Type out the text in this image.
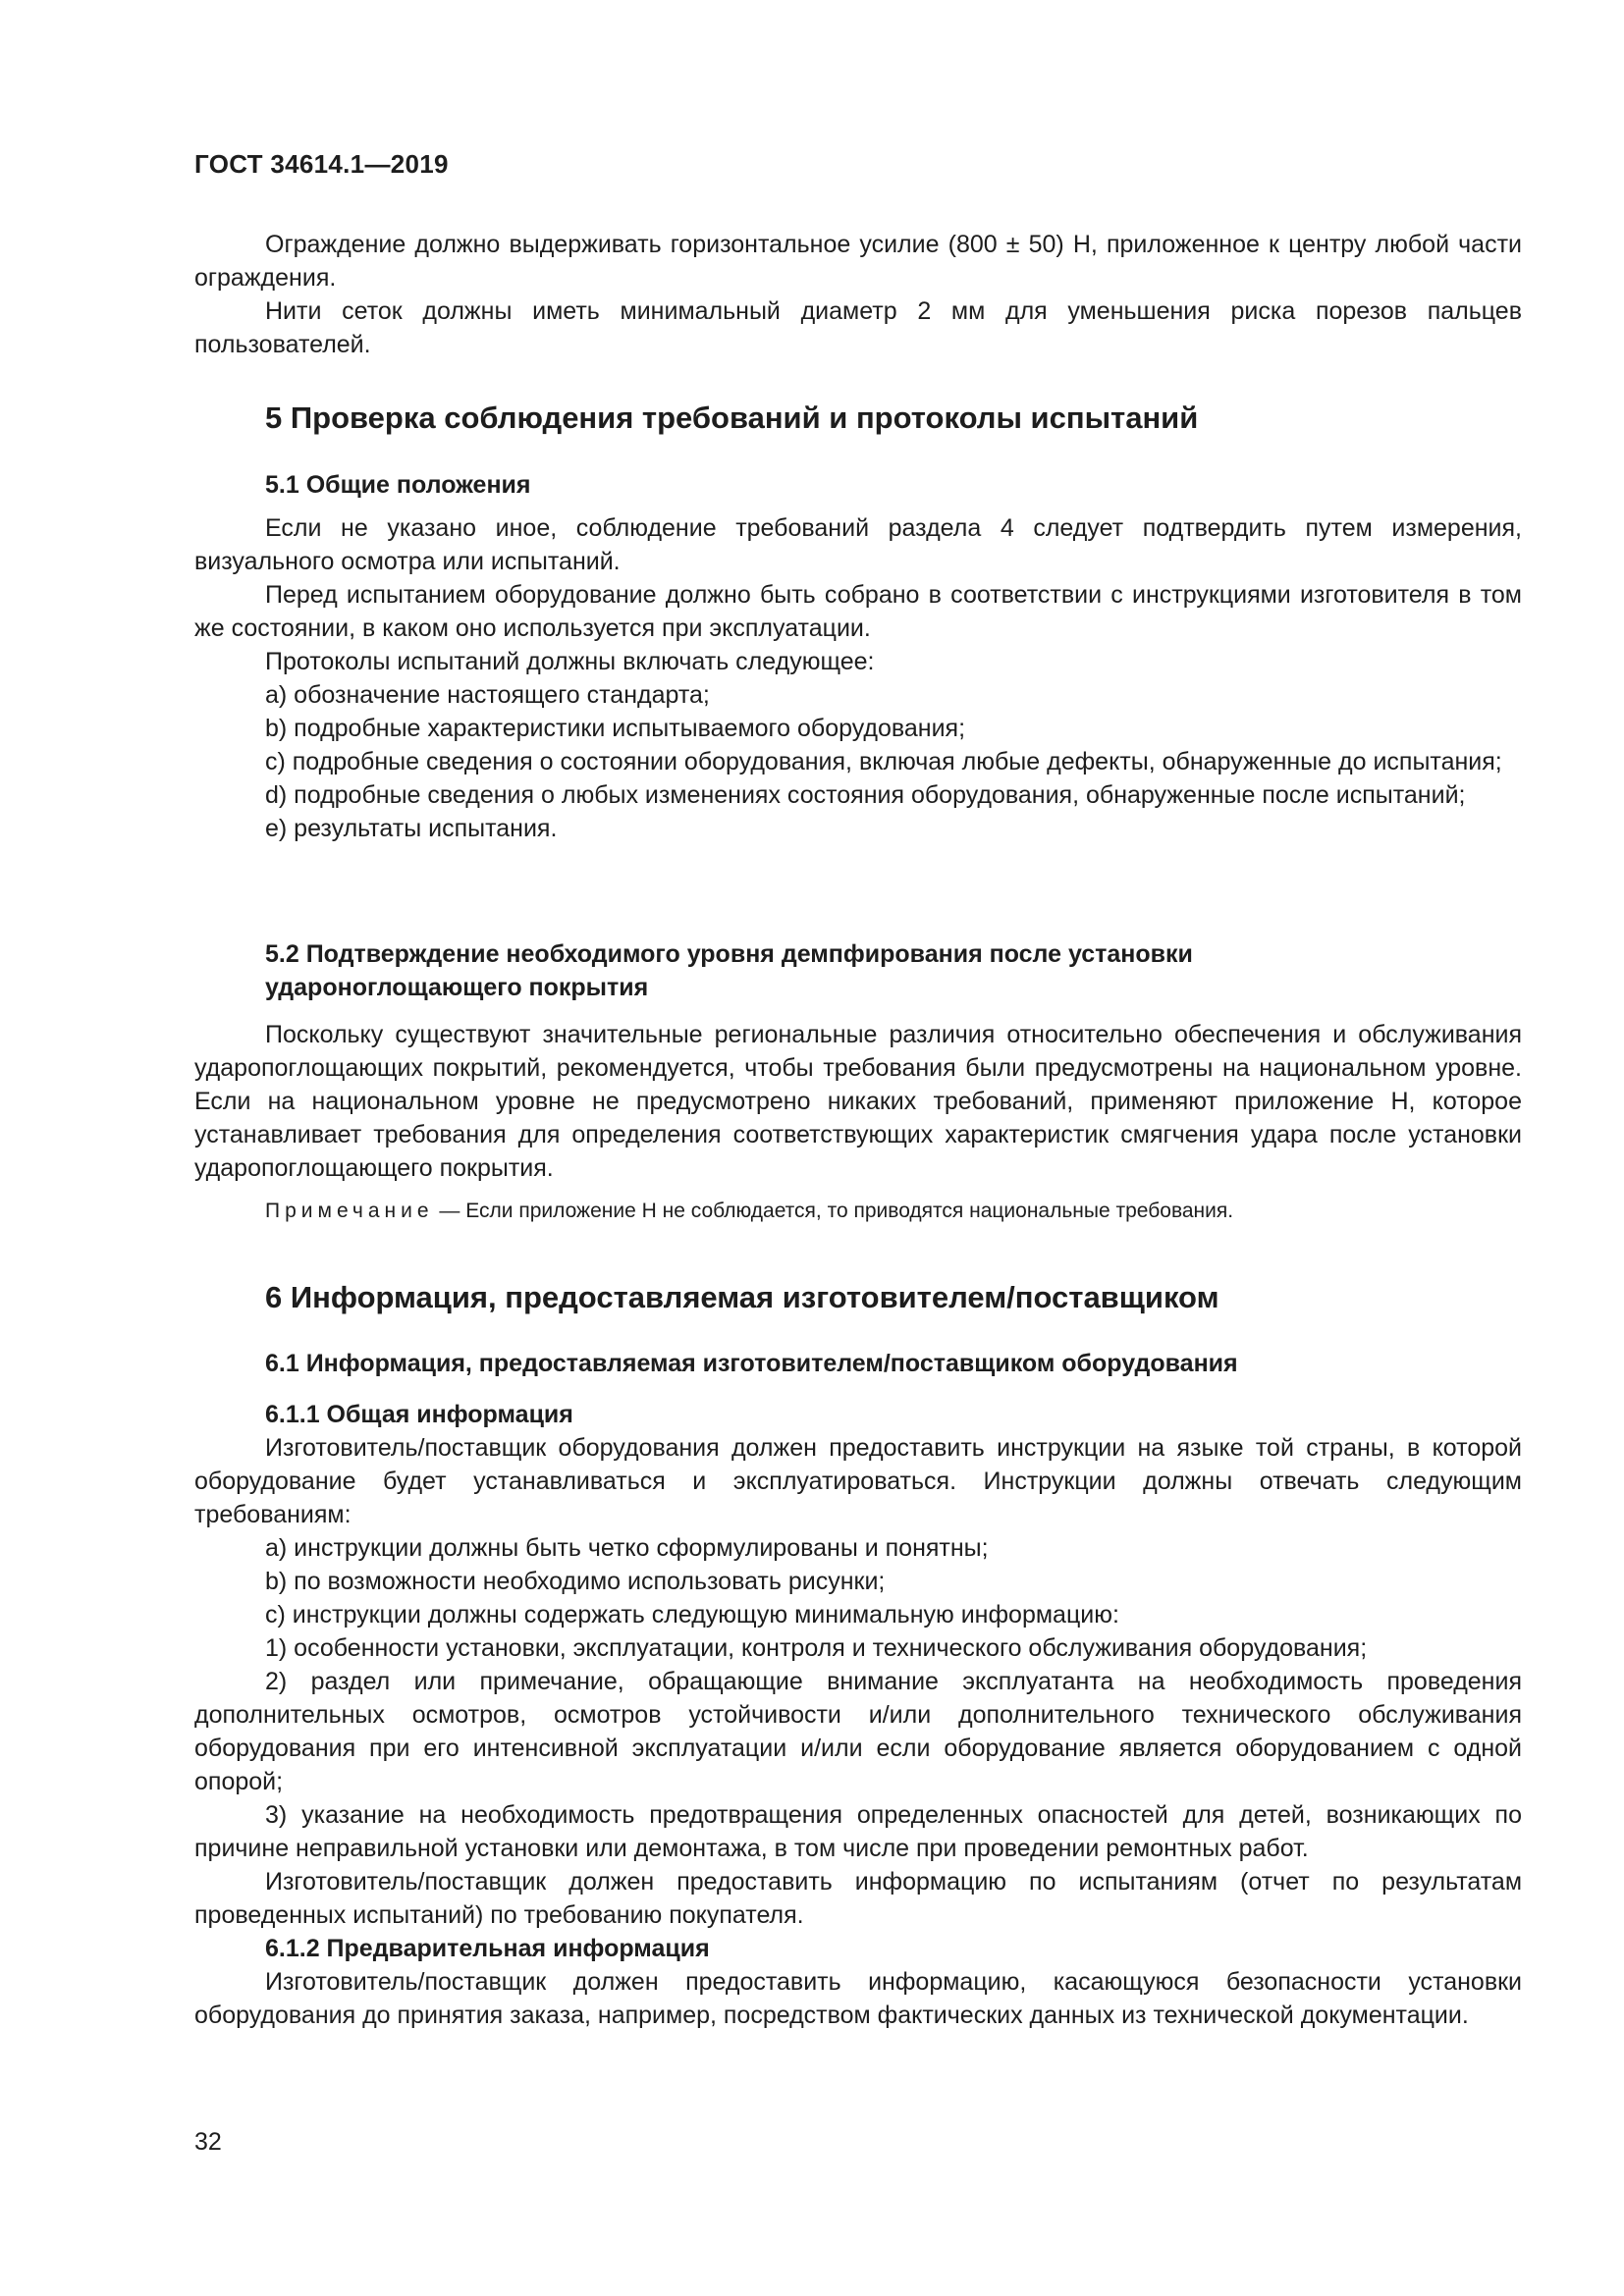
ГОСТ 34614.1—2019

Ограждение должно выдерживать горизонтальное усилие (800 ± 50) Н, приложенное к центру любой части ограждения.

Нити сеток должны иметь минимальный диаметр 2 мм для уменьшения риска порезов пальцев пользователей.

5 Проверка соблюдения требований и протоколы испытаний
5.1 Общие положения

Если не указано иное, соблюдение требований раздела 4 следует подтвердить путем измерения, визуального осмотра или испытаний.

Перед испытанием оборудование должно быть собрано в соответствии с инструкциями изготовителя в том же состоянии, в каком оно используется при эксплуатации.

Протоколы испытаний должны включать следующее:

a) обозначение настоящего стандарта;

b) подробные характеристики испытываемого оборудования;

c) подробные сведения о состоянии оборудования, включая любые дефекты, обнаруженные до испытания;

d) подробные сведения о любых изменениях состояния оборудования, обнаруженные после испытаний;

e) результаты испытания.

5.2 Подтверждение необходимого уровня демпфирования после установки
удароноглощающего покрытия

Поскольку существуют значительные региональные различия относительно обеспечения и обслуживания ударопоглощающих покрытий, рекомендуется, чтобы требования были предусмотрены на национальном уровне. Если на национальном уровне не предусмотрено никаких требований, применяют приложение Н, которое устанавливает требования для определения соответствующих характеристик смягчения удара после установки ударопоглощающего покрытия.

Примечание — Если приложение Н не соблюдается, то приводятся национальные требования.

6 Информация, предоставляемая изготовителем/поставщиком
6.1 Информация, предоставляемая изготовителем/поставщиком оборудования
6.1.1 Общая информация

Изготовитель/поставщик оборудования должен предоставить инструкции на языке той страны, в которой оборудование будет устанавливаться и эксплуатироваться. Инструкции должны отвечать следующим требованиям:

a) инструкции должны быть четко сформулированы и понятны;

b) по возможности необходимо использовать рисунки;

c) инструкции должны содержать следующую минимальную информацию:

1) особенности установки, эксплуатации, контроля и технического обслуживания оборудования;

2) раздел или примечание, обращающие внимание эксплуатанта на необходимость проведения дополнительных осмотров, осмотров устойчивости и/или дополнительного технического обслуживания оборудования при его интенсивной эксплуатации и/или если оборудование является оборудованием с одной опорой;

3) указание на необходимость предотвращения определенных опасностей для детей, возникающих по причине неправильной установки или демонтажа, в том числе при проведении ремонтных работ.

Изготовитель/поставщик должен предоставить информацию по испытаниям (отчет по результатам проведенных испытаний) по требованию покупателя.

6.1.2 Предварительная информация

Изготовитель/поставщик должен предоставить информацию, касающуюся безопасности установки оборудования до принятия заказа, например, посредством фактических данных из технической документации.

32
